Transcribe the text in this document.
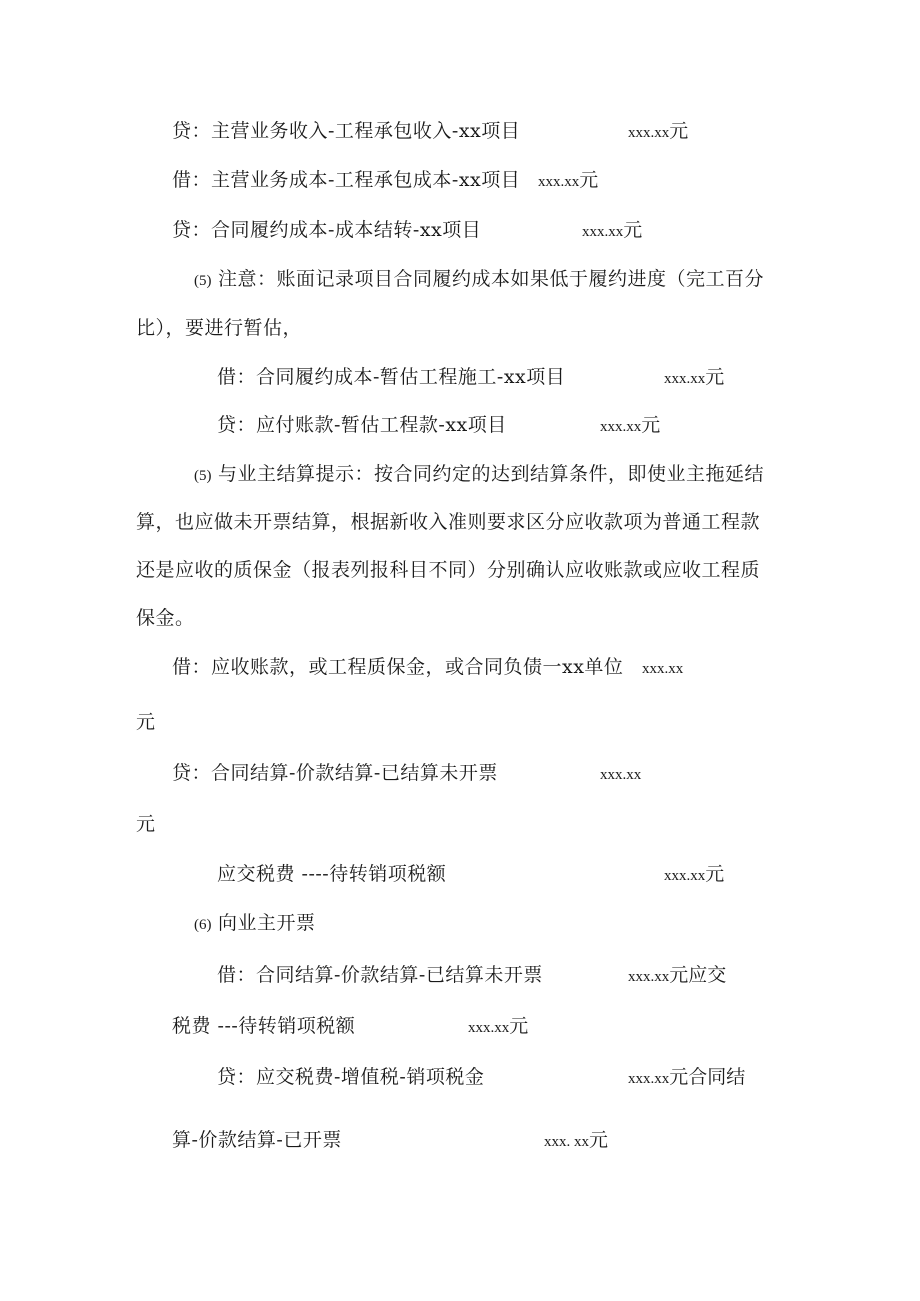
贷：主营业务收入-工程承包收入-xx项目	xxx.xx元
借：主营业务成本-工程承包成本-xx项目 xxx.xx元
贷：合同履约成本-成本结转-xx项目	xxx.xx元
(5) 注意：账面记录项目合同履约成本如果低于履约进度（完工百分
比），要进行暂估，
借：合同履约成本-暂估工程施工-xx项目	xxx.xx元
贷：应付账款-暂估工程款-xx项目	xxx.xx元
(5) 与业主结算提示：按合同约定的达到结算条件，即使业主拖延结
算，也应做未开票结算，根据新收入准则要求区分应收款项为普通工程款
还是应收的质保金（报表列报科目不同）分别确认应收账款或应收工程质
保金。
借：应收账款，或工程质保金，或合同负债一xx单位 xxx.xx
元
贷：合同结算-价款结算-已结算未开票	xxx.xx
元
应交税费 ----待转销项税额	xxx.xx元
(6) 向业主开票
借：合同结算-价款结算-已结算未开票	xxx.xx元应交
税费 ---待转销项税额	xxx.xx元
贷：应交税费-增值税-销项税金	xxx.xx元合同结
算-价款结算-已开票	xxx. xx元
